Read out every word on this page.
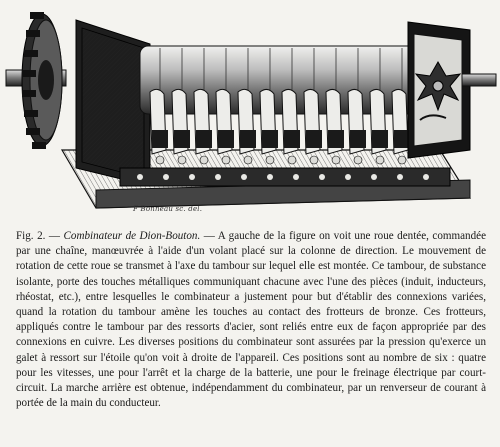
F Bonneau sc. del.

Fig. 2. — Combinateur de Dion-Bouton. — A gauche de la figure on voit une roue dentée, commandée par une chaîne, manœuvrée à l'aide d'un volant placé sur la colonne de direction. Le mouvement de rotation de cette roue se transmet à l'axe du tambour sur lequel elle est montée. Ce tambour, de substance isolante, porte des touches métalliques communiquant chacune avec l'une des pièces (induit, inducteurs, rhéostat, etc.), entre lesquelles le combinateur a justement pour but d'établir des connexions variées, quand la rotation du tambour amène les touches au contact des frotteurs de bronze. Ces frotteurs, appliqués contre le tambour par des ressorts d'acier, sont reliés entre eux de façon appropriée par des connexions en cuivre. Les diverses positions du combinateur sont assurées par la pression qu'exerce un galet à ressort sur l'étoile qu'on voit à droite de l'appareil. Ces positions sont au nombre de six : quatre pour les vitesses, une pour l'arrêt et la charge de la batterie, une pour le freinage électrique par court-circuit. La marche arrière est obtenue, indépendamment du combinateur, par un renverseur de courant à portée de la main du conducteur.
